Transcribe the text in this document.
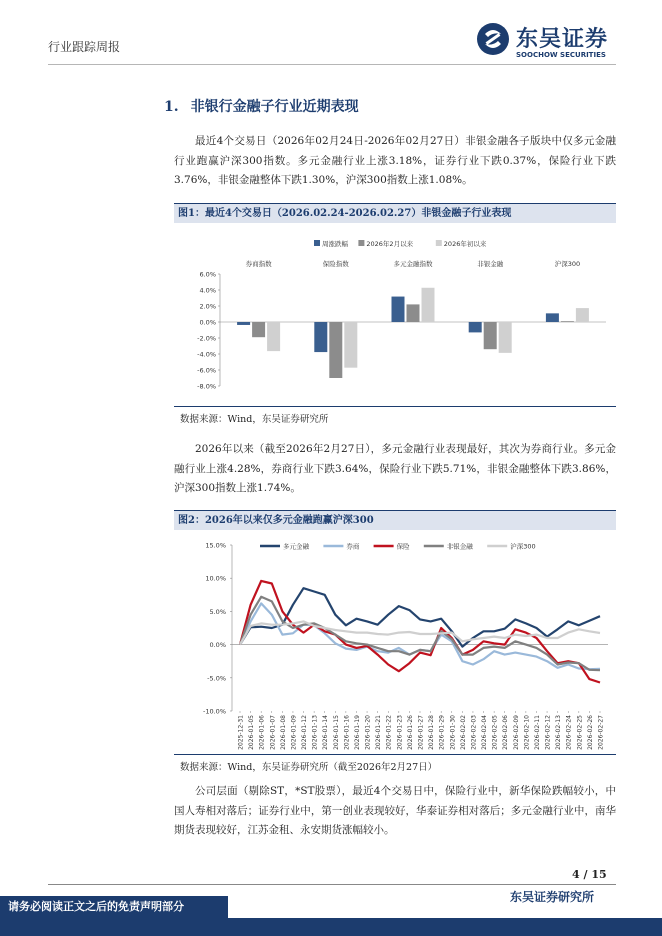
行业跟踪周报	东吴证券
SOOCHOW SECURITIES
1. 非银行金融子行业近期表现

最近4个交易日（2026年02月24日-2026年02月27日）非银金融各子版块中仅多元金融行业跑赢沪深300指数。多元金融行业上涨3.18%，证券行业下跌0.37%，保险行业下跌3.76%，非银金融整体下跌1.30%，沪深300指数上涨1.08%。

图1：最近4个交易日（2026.02.24-2026.02.27）非银金融子行业表现
周涨跌幅	2026年2月以来	2026年初以来
6.0%
4.0%
2.0%
0.0%
-2.0%
-4.0%
-6.0%
-8.0%
券商指数	保险指数	多元金融指数	非银金融	沪深300
数据来源：Wind，东吴证券研究所

2026年以来（截至2026年2月27日），多元金融行业表现最好，其次为券商行业。多元金融行业上涨4.28%，券商行业下跌3.64%，保险行业下跌5.71%，非银金融整体下跌3.86%，沪深300指数上涨1.74%。

图2：2026年以来仅多元金融跑赢沪深300
15.0%
10.0%
5.0%
0.0%
-5.0%
-10.0%
多元金融	券商	保险	非银金融	沪深300
2025-12-31 2026-01-05 2026-01-06 2026-01-07 2026-01-08 2026-01-09 2026-01-12 2026-01-13 2026-01-14 2026-01-15 2026-01-16 2026-01-19 2026-01-20 2026-01-21 2026-01-22 2026-01-23 2026-01-26 2026-01-27 2026-01-28 2026-01-29 2026-01-30 2026-02-02 2026-02-03 2026-02-04 2026-02-05 2026-02-06 2026-02-09 2026-02-10 2026-02-11 2026-02-12 2026-02-13 2026-02-24 2026-02-25 2026-02-26 2026-02-27
数据来源：Wind，东吴证券研究所（截至2026年2月27日）

公司层面（剔除ST，*ST股票），最近4个交易日中，保险行业中，新华保险跌幅较小，中国人寿相对落后；证券行业中，第一创业表现较好，华泰证券相对落后；多元金融行业中，南华期货表现较好，江苏金租、永安期货涨幅较小。

4 / 15
东吴证券研究所
请务必阅读正文之后的免责声明部分
